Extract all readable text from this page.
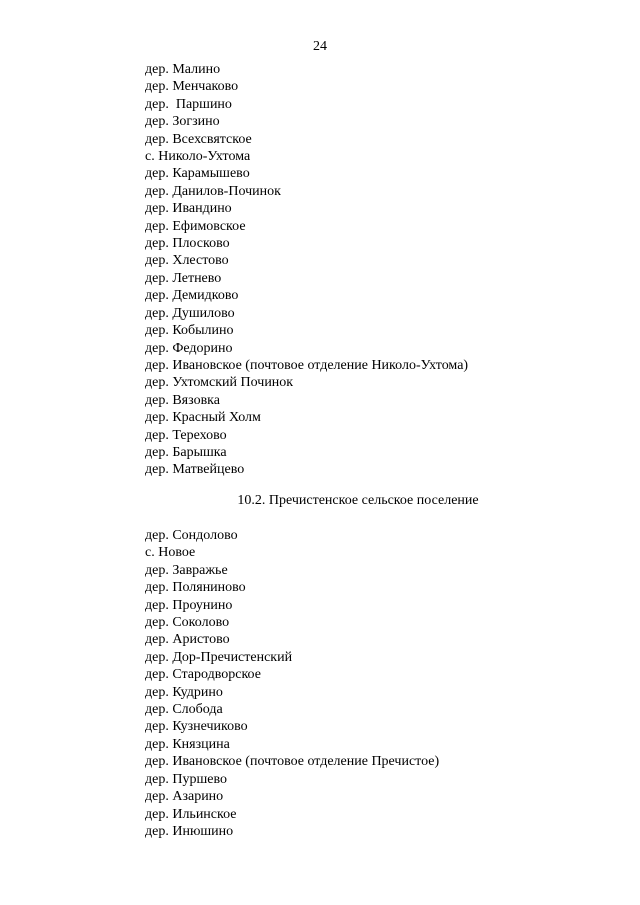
24
дер. Малино
дер. Менчаково
дер.  Паршино
дер. Зогзино
дер. Всехсвятское
с. Николо-Ухтома
дер. Карамышево
дер. Данилов-Починок
дер. Ивандино
дер. Ефимовское
дер. Плосково
дер. Хлестово
дер. Летнево
дер. Демидково
дер. Душилово
дер. Кобылино
дер. Федорино
дер. Ивановское (почтовое отделение Николо-Ухтома)
дер. Ухтомский Починок
дер. Вязовка
дер. Красный Холм
дер. Терехово
дер. Барышка
дер. Матвейцево
10.2. Пречистенское сельское поселение
дер. Сондолово
с. Новое
дер. Завражье
дер. Поляниново
дер. Проунино
дер. Соколово
дер. Аристово
дер. Дор-Пречистенский
дер. Стародворское
дер. Кудрино
дер. Слобода
дер. Кузнечиково
дер. Князцина
дер. Ивановское (почтовое отделение Пречистое)
дер. Пуршево
дер. Азарино
дер. Ильинское
дер. Инюшино
